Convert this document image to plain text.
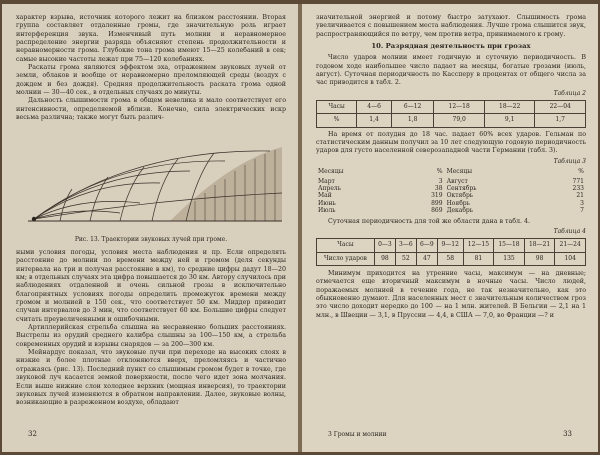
характер взрыва, источник которого лежит на близком расстоянии. Вторая группа составляет отдаленные громы, где значительную роль играет интерференция звука. Изменчивый путь молнии и неравномерное распределение энергии разряда объясняют степень продолжительности и неравномерности грома. Глубокие тона грома имеют 15—25 колебаний в сек; самые высокие частоты лежат при 75—120 колебаниях.

Раскаты грома являются эффектом эха, отражением звуковых лучей от земли, облаков и вообще от неравномерно преломляющей среды (воздух с дождем и без дождя). Средняя продолжительность раската грома одной молнии — 30—40 сек., в отдельных случаях до минуты.

Дальность слышимости грома в общем невелика и мало соответствует его интенсивности, определяемой вблизи. Конечно, сила электрических искр весьма различна; также могут быть различ-

Рис. 13. Траектории звуковых лучей при громе.

ными условия погоды, условия места наблюдения и пр. Если определять расстояние до молнии по времени между ней и громом (деля секунды интервала на три и получая расстояние в км), то средние цифры дадут 18—20 км; в отдельных случаях эта цифра повышается до 30 км. Автору случилось при наблюдениях отдаленной и очень сильной грозы в исключительно благоприятных условиях погоды определить промежуток времени между громом и молнией в 150 сек., что соответствует 50 км. Миддер приводит случаи интервалов до 3 мин, что соответствует 60 км. Большие цифры следует считать преувеличенными и ошибочными.

Артиллерийская стрельба слышна на несравненно больших расстояниях. Выстрелы из орудий среднего калибра слышны за 100—150 км, а стрельба современных орудий и взрывы снарядов — за 200—300 км.

Мейнардус показал, что звуковые лучи при переходе на высоких слоях в низкие и более плотные отклоняются вверх, преломляясь и частично отражаясь (рис. 13). Последний пункт со слышимым громом будет в точке, где звуковой луч касается земной поверхности, после чего идет зона молчания. Если выше нижние слои холоднее верхних (мощная инверсия), то траектории звуковых лучей изменяются в обратном направлении. Далее, звуковые волны, возникающие в разреженном воздухе, обладают

32

значительной энергией и потому быстро затухают. Слышимость грома увеличивается с повышением места наблюдения. Лучше грома слышится звук, распространяющийся по ветру, чем против ветра, принимаемого к грому.

10. Разрядная деятельность при грозах

Число ударов молнии имеет годичную и суточную периодичность. В годовом ходе наибольшее число падает на месяцы, богатые грозами (июль, август). Суточная периодичность по Кассперу в процентах от общего числа за час приводится в табл. 2.

Таблица 2
Часы	4—6	6—12	12—18	18—22	22—04
%	1,4	1,8	79,0	9,1	1,7

На время от полудня до 18 час. падает 60% всех ударов. Гельман по статистическим данным получил за 10 лет следующую годовую периодичность ударов для густо населенной северозападной части Германии (табл. 3).

Таблица 3
Месяцы	%	Месяцы	%
Март	3	Август	771
Апрель	38	Сентябрь	233
Май	319	Октябрь	21
Июнь	899	Ноябрь	3
Июль	869	Декабрь	7

Суточная периодичность для той же области дана в табл. 4.

Таблица 4
Часы	0—3	3—6	6—9	9—12	12—15	15—18	18—21	21—24
Число ударов	98	52	47	58	81	135	98	104

Минимум приходится на утренние часы, максимум — на дневные; отмечается еще вторичный максимум в ночные часы. Число людей, поражаемых молнией в течение года, не так незначительно, как это обыкновенно думают. Для населенных мест с значительным количеством гроз это число доходит нередко до 100 — на 1 млн. жителей. В Бельгии — 2,1 на 1 млн., в Швеции — 3,1, в Пруссии — 4,4, в США — 7,0, во Франции —? и

3 Громы и молнии	33
